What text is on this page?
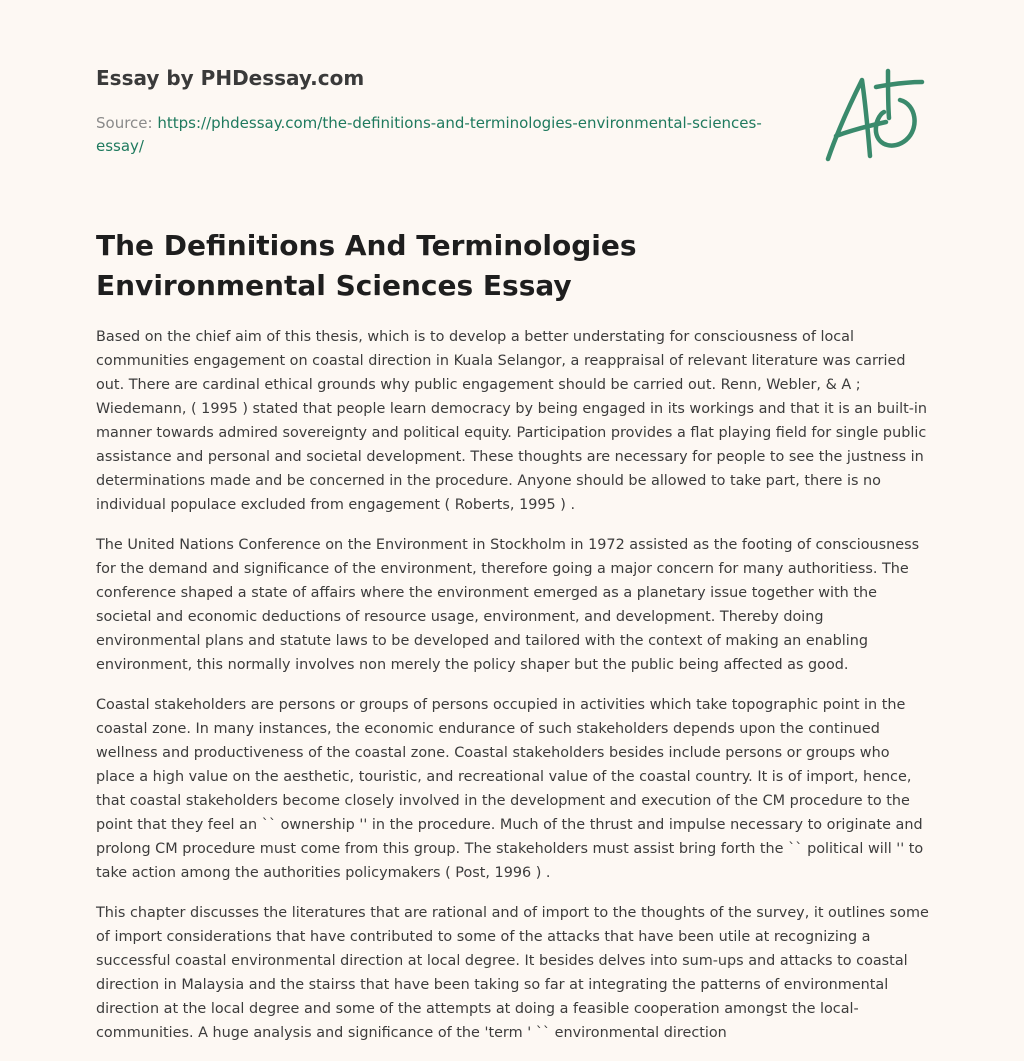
Essay by PHDessay.com
Source: https://phdessay.com/the-definitions-and-terminologies-environmental-sciences-essay/
The Definitions And Terminologies Environmental Sciences Essay

Based on the chief aim of this thesis, which is to develop a better understating for consciousness of local communities engagement on coastal direction in Kuala Selangor, a reappraisal of relevant literature was carried out. There are cardinal ethical grounds why public engagement should be carried out. Renn, Webler, & A ; Wiedemann, ( 1995 ) stated that people learn democracy by being engaged in its workings and that it is an built-in manner towards admired sovereignty and political equity. Participation provides a flat playing field for single public assistance and personal and societal development. These thoughts are necessary for people to see the justness in determinations made and be concerned in the procedure. Anyone should be allowed to take part, there is no individual populace excluded from engagement ( Roberts, 1995 ) .

The United Nations Conference on the Environment in Stockholm in 1972 assisted as the footing of consciousness for the demand and significance of the environment, therefore going a major concern for many authoritiess. The conference shaped a state of affairs where the environment emerged as a planetary issue together with the societal and economic deductions of resource usage, environment, and development. Thereby doing environmental plans and statute laws to be developed and tailored with the context of making an enabling environment, this normally involves non merely the policy shaper but the public being affected as good.

Coastal stakeholders are persons or groups of persons occupied in activities which take topographic point in the coastal zone. In many instances, the economic endurance of such stakeholders depends upon the continued wellness and productiveness of the coastal zone. Coastal stakeholders besides include persons or groups who place a high value on the aesthetic, touristic, and recreational value of the coastal country. It is of import, hence, that coastal stakeholders become closely involved in the development and execution of the CM procedure to the point that they feel an `` ownership '' in the procedure. Much of the thrust and impulse necessary to originate and prolong CM procedure must come from this group. The stakeholders must assist bring forth the `` political will '' to take action among the authorities policymakers ( Post, 1996 ) .

This chapter discusses the literatures that are rational and of import to the thoughts of the survey, it outlines some of import considerations that have contributed to some of the attacks that have been utile at recognizing a successful coastal environmental direction at local degree. It besides delves into sum-ups and attacks to coastal direction in Malaysia and the stairss that have been taking so far at integrating the patterns of environmental direction at the local degree and some of the attempts at doing a feasible cooperation amongst the local-communities. A huge analysis and significance of the 'term ' `` environmental direction
